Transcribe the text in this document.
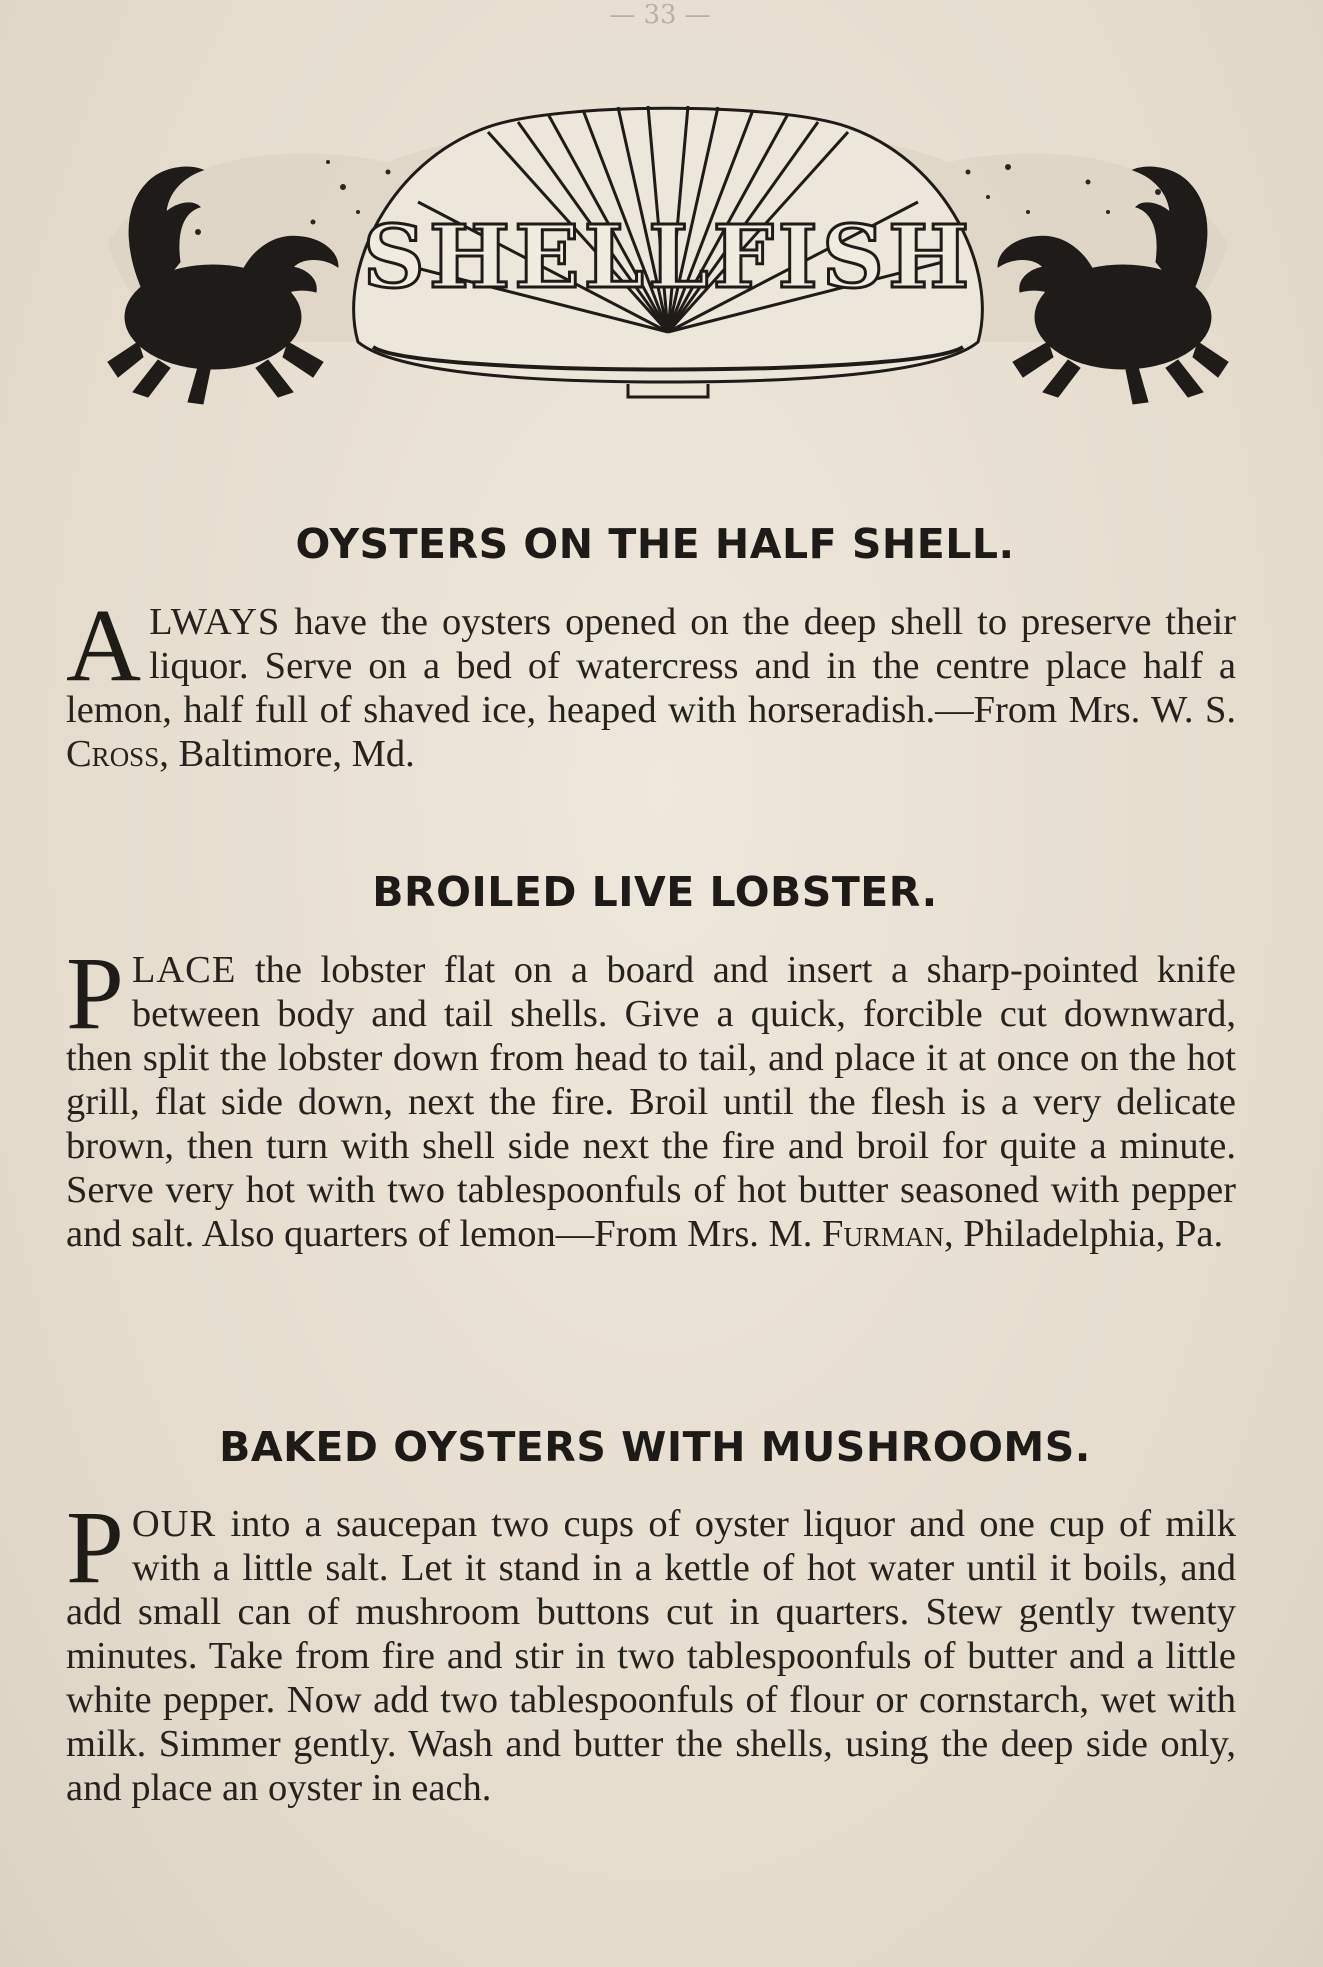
— 33 —
SHELLFISH
OYSTERS ON THE HALF SHELL.

ALWAYS have the oysters opened on the deep shell to preserve their liquor. Serve on a bed of watercress and in the centre place half a lemon, half full of shaved ice, heaped with horseradish.—From Mrs. W. S. Cross, Baltimore, Md.

BROILED LIVE LOBSTER.

PLACE the lobster flat on a board and insert a sharp-pointed knife between body and tail shells. Give a quick, forcible cut downward, then split the lobster down from head to tail, and place it at once on the hot grill, flat side down, next the fire. Broil until the flesh is a very delicate brown, then turn with shell side next the fire and broil for quite a minute. Serve very hot with two tablespoonfuls of hot butter seasoned with pepper and salt. Also quarters of lemon—From Mrs. M. Furman, Philadelphia, Pa.

BAKED OYSTERS WITH MUSHROOMS.

POUR into a saucepan two cups of oyster liquor and one cup of milk with a little salt. Let it stand in a kettle of hot water until it boils, and add small can of mushroom buttons cut in quarters. Stew gently twenty minutes. Take from fire and stir in two tablespoonfuls of butter and a little white pepper. Now add two tablespoonfuls of flour or cornstarch, wet with milk. Simmer gently. Wash and butter the shells, using the deep side only, and place an oyster in each.
